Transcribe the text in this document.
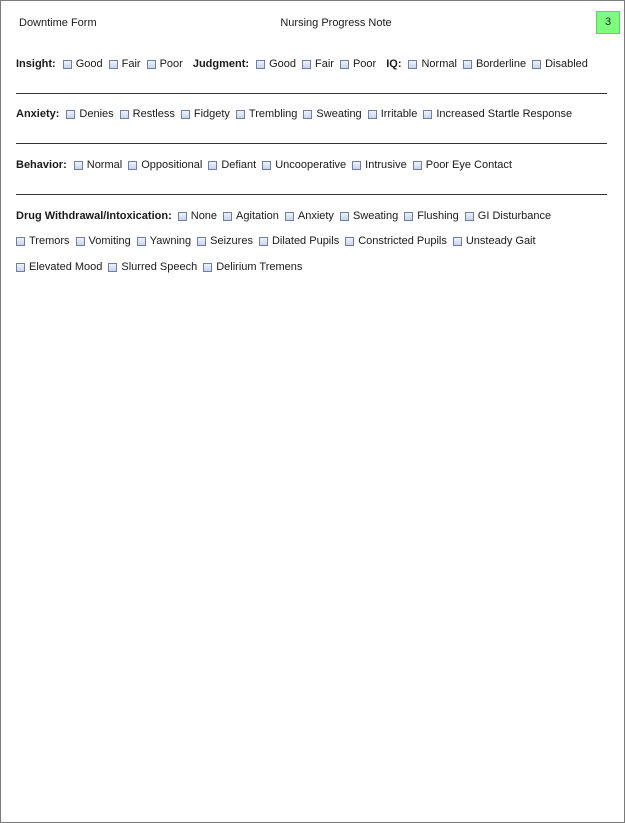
Downtime Form	Nursing Progress Note	3
Insight: Good Fair Poor Judgment: Good Fair Poor IQ: Normal Borderline Disabled
Anxiety: Denies Restless Fidgety Trembling Sweating Irritable Increased Startle Response
Behavior: Normal Oppositional Defiant Uncooperative Intrusive Poor Eye Contact
Drug Withdrawal/Intoxication: None Agitation Anxiety Sweating Flushing GI Disturbance
Tremors Vomiting Yawning Seizures Dilated Pupils Constricted Pupils Unsteady Gait
Elevated Mood Slurred Speech Delirium Tremens
